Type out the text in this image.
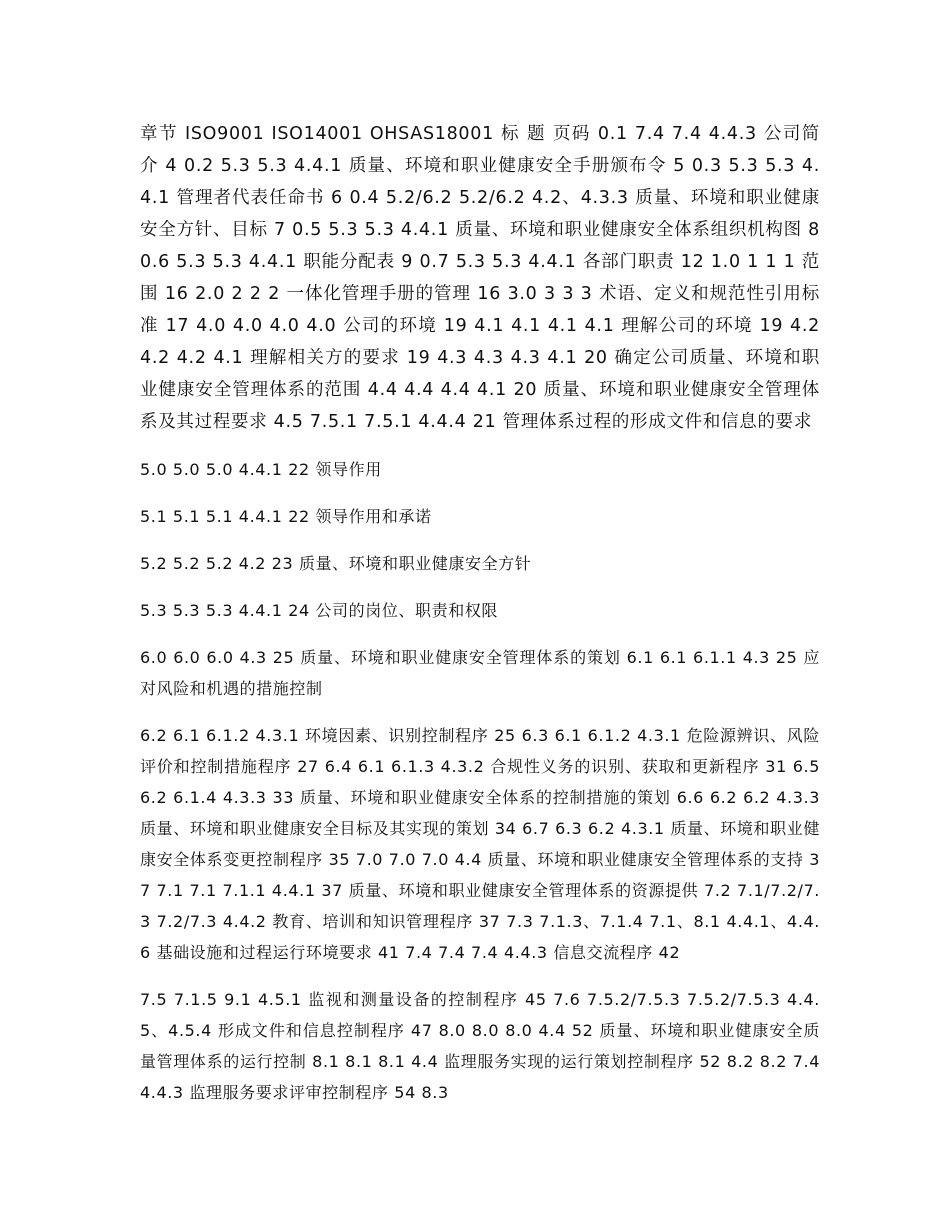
章节 ISO9001 ISO14001 OHSAS18001 标 题 页码 0.1 7.4 7.4 4.4.3 公司简介 4 0.2 5.3 5.3 4.4.1 质量、环境和职业健康安全手册颁布令 5 0.3 5.3 5.3 4.4.1 管理者代表任命书 6 0.4 5.2/6.2 5.2/6.2 4.2、4.3.3 质量、环境和职业健康安全方针、目标 7 0.5 5.3 5.3 4.4.1 质量、环境和职业健康安全体系组织机构图 8 0.6 5.3 5.3 4.4.1 职能分配表 9 0.7 5.3 5.3 4.4.1 各部门职责 12 1.0 1 1 1 范围 16 2.0 2 2 2 一体化管理手册的管理 16 3.0 3 3 3 术语、定义和规范性引用标准 17 4.0 4.0 4.0 4.0 公司的环境 19 4.1 4.1 4.1 4.1 理解公司的环境 19 4.2 4.2 4.2 4.1 理解相关方的要求 19 4.3 4.3 4.3 4.1 20 确定公司质量、环境和职业健康安全管理体系的范围 4.4 4.4 4.4 4.1 20 质量、环境和职业健康安全管理体系及其过程要求 4.5 7.5.1 7.5.1 4.4.4 21 管理体系过程的形成文件和信息的要求

5.0 5.0 5.0 4.4.1 22 领导作用

5.1 5.1 5.1 4.4.1 22 领导作用和承诺

5.2 5.2 5.2 4.2 23 质量、环境和职业健康安全方针

5.3 5.3 5.3 4.4.1 24 公司的岗位、职责和权限

6.0 6.0 6.0 4.3 25 质量、环境和职业健康安全管理体系的策划 6.1 6.1 6.1.1 4.3 25 应对风险和机遇的措施控制

6.2 6.1 6.1.2 4.3.1 环境因素、识别控制程序 25 6.3 6.1 6.1.2 4.3.1 危险源辨识、风险评价和控制措施程序 27 6.4 6.1 6.1.3 4.3.2 合规性义务的识别、获取和更新程序 31 6.5 6.2 6.1.4 4.3.3 33 质量、环境和职业健康安全体系的控制措施的策划 6.6 6.2 6.2 4.3.3 质量、环境和职业健康安全目标及其实现的策划 34 6.7 6.3 6.2 4.3.1 质量、环境和职业健康安全体系变更控制程序 35 7.0 7.0 7.0 4.4 质量、环境和职业健康安全管理体系的支持 37 7.1 7.1 7.1.1 4.4.1 37 质量、环境和职业健康安全管理体系的资源提供 7.2 7.1/7.2/7.3 7.2/7.3 4.4.2 教育、培训和知识管理程序 37 7.3 7.1.3、7.1.4 7.1、8.1 4.4.1、4.4.6 基础设施和过程运行环境要求 41 7.4 7.4 7.4 4.4.3 信息交流程序 42

7.5 7.1.5 9.1 4.5.1 监视和测量设备的控制程序 45 7.6 7.5.2/7.5.3 7.5.2/7.5.3 4.4.5、4.5.4 形成文件和信息控制程序 47 8.0 8.0 8.0 4.4 52 质量、环境和职业健康安全质量管理体系的运行控制 8.1 8.1 8.1 4.4 监理服务实现的运行策划控制程序 52 8.2 8.2 7.4 4.4.3 监理服务要求评审控制程序 54 8.3
